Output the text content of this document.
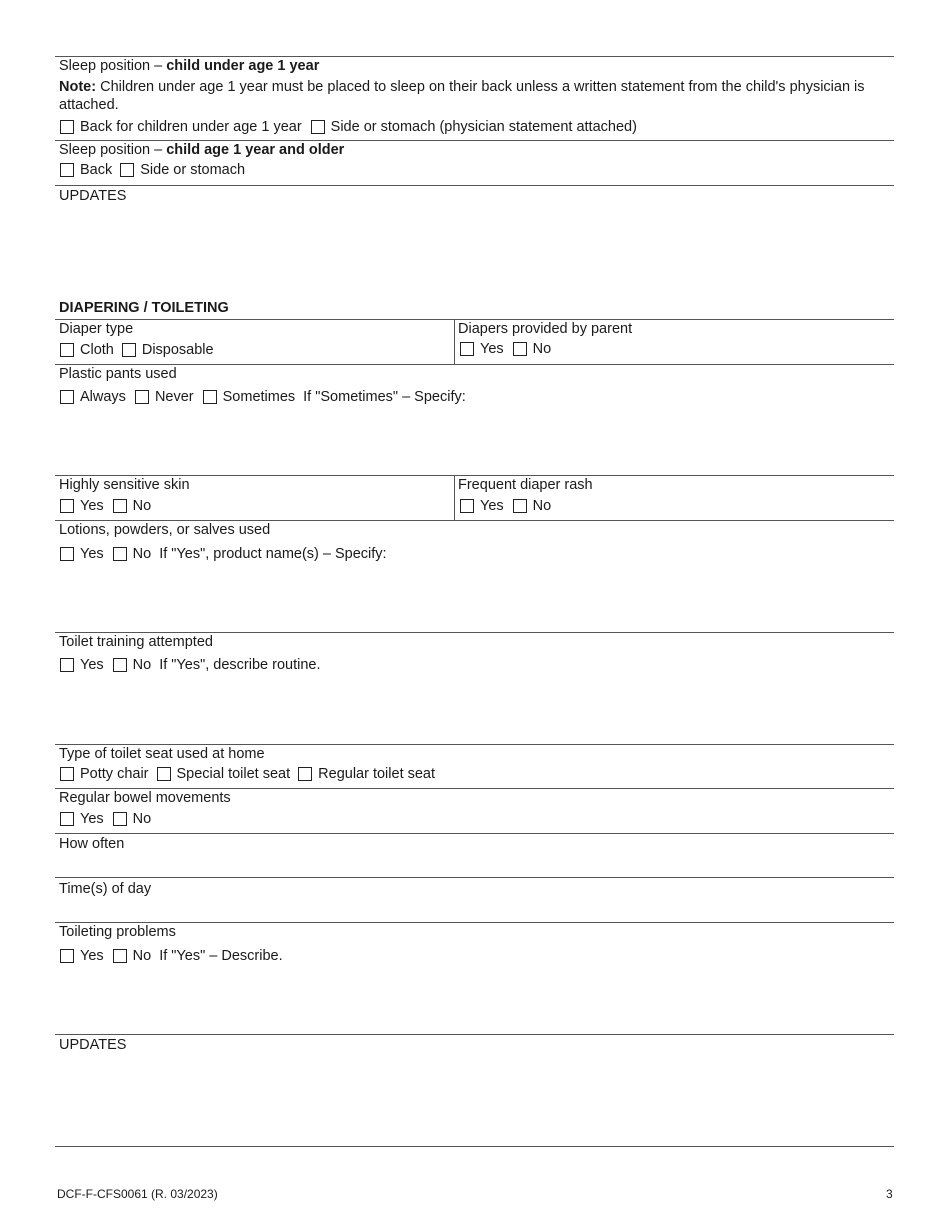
Sleep position – child under age 1 year
Note: Children under age 1 year must be placed to sleep on their back unless a written statement from the child's physician is attached.
Back for children under age 1 year Side or stomach (physician statement attached)
Sleep position – child age 1 year and older
Back Side or stomach
UPDATES
DIAPERING / TOILETING
Diaper type
Cloth Disposable
Diapers provided by parent
Yes No
Plastic pants used
Always Never Sometimes If "Sometimes" – Specify:
Highly sensitive skin
Yes No
Frequent diaper rash
Yes No
Lotions, powders, or salves used
Yes No If "Yes", product name(s) – Specify:
Toilet training attempted
Yes No If "Yes", describe routine.
Type of toilet seat used at home
Potty chair Special toilet seat Regular toilet seat
Regular bowel movements
Yes No
How often
Time(s) of day
Toileting problems
Yes No If "Yes" – Describe.
UPDATES
DCF-F-CFS0061 (R. 03/2023)	3
